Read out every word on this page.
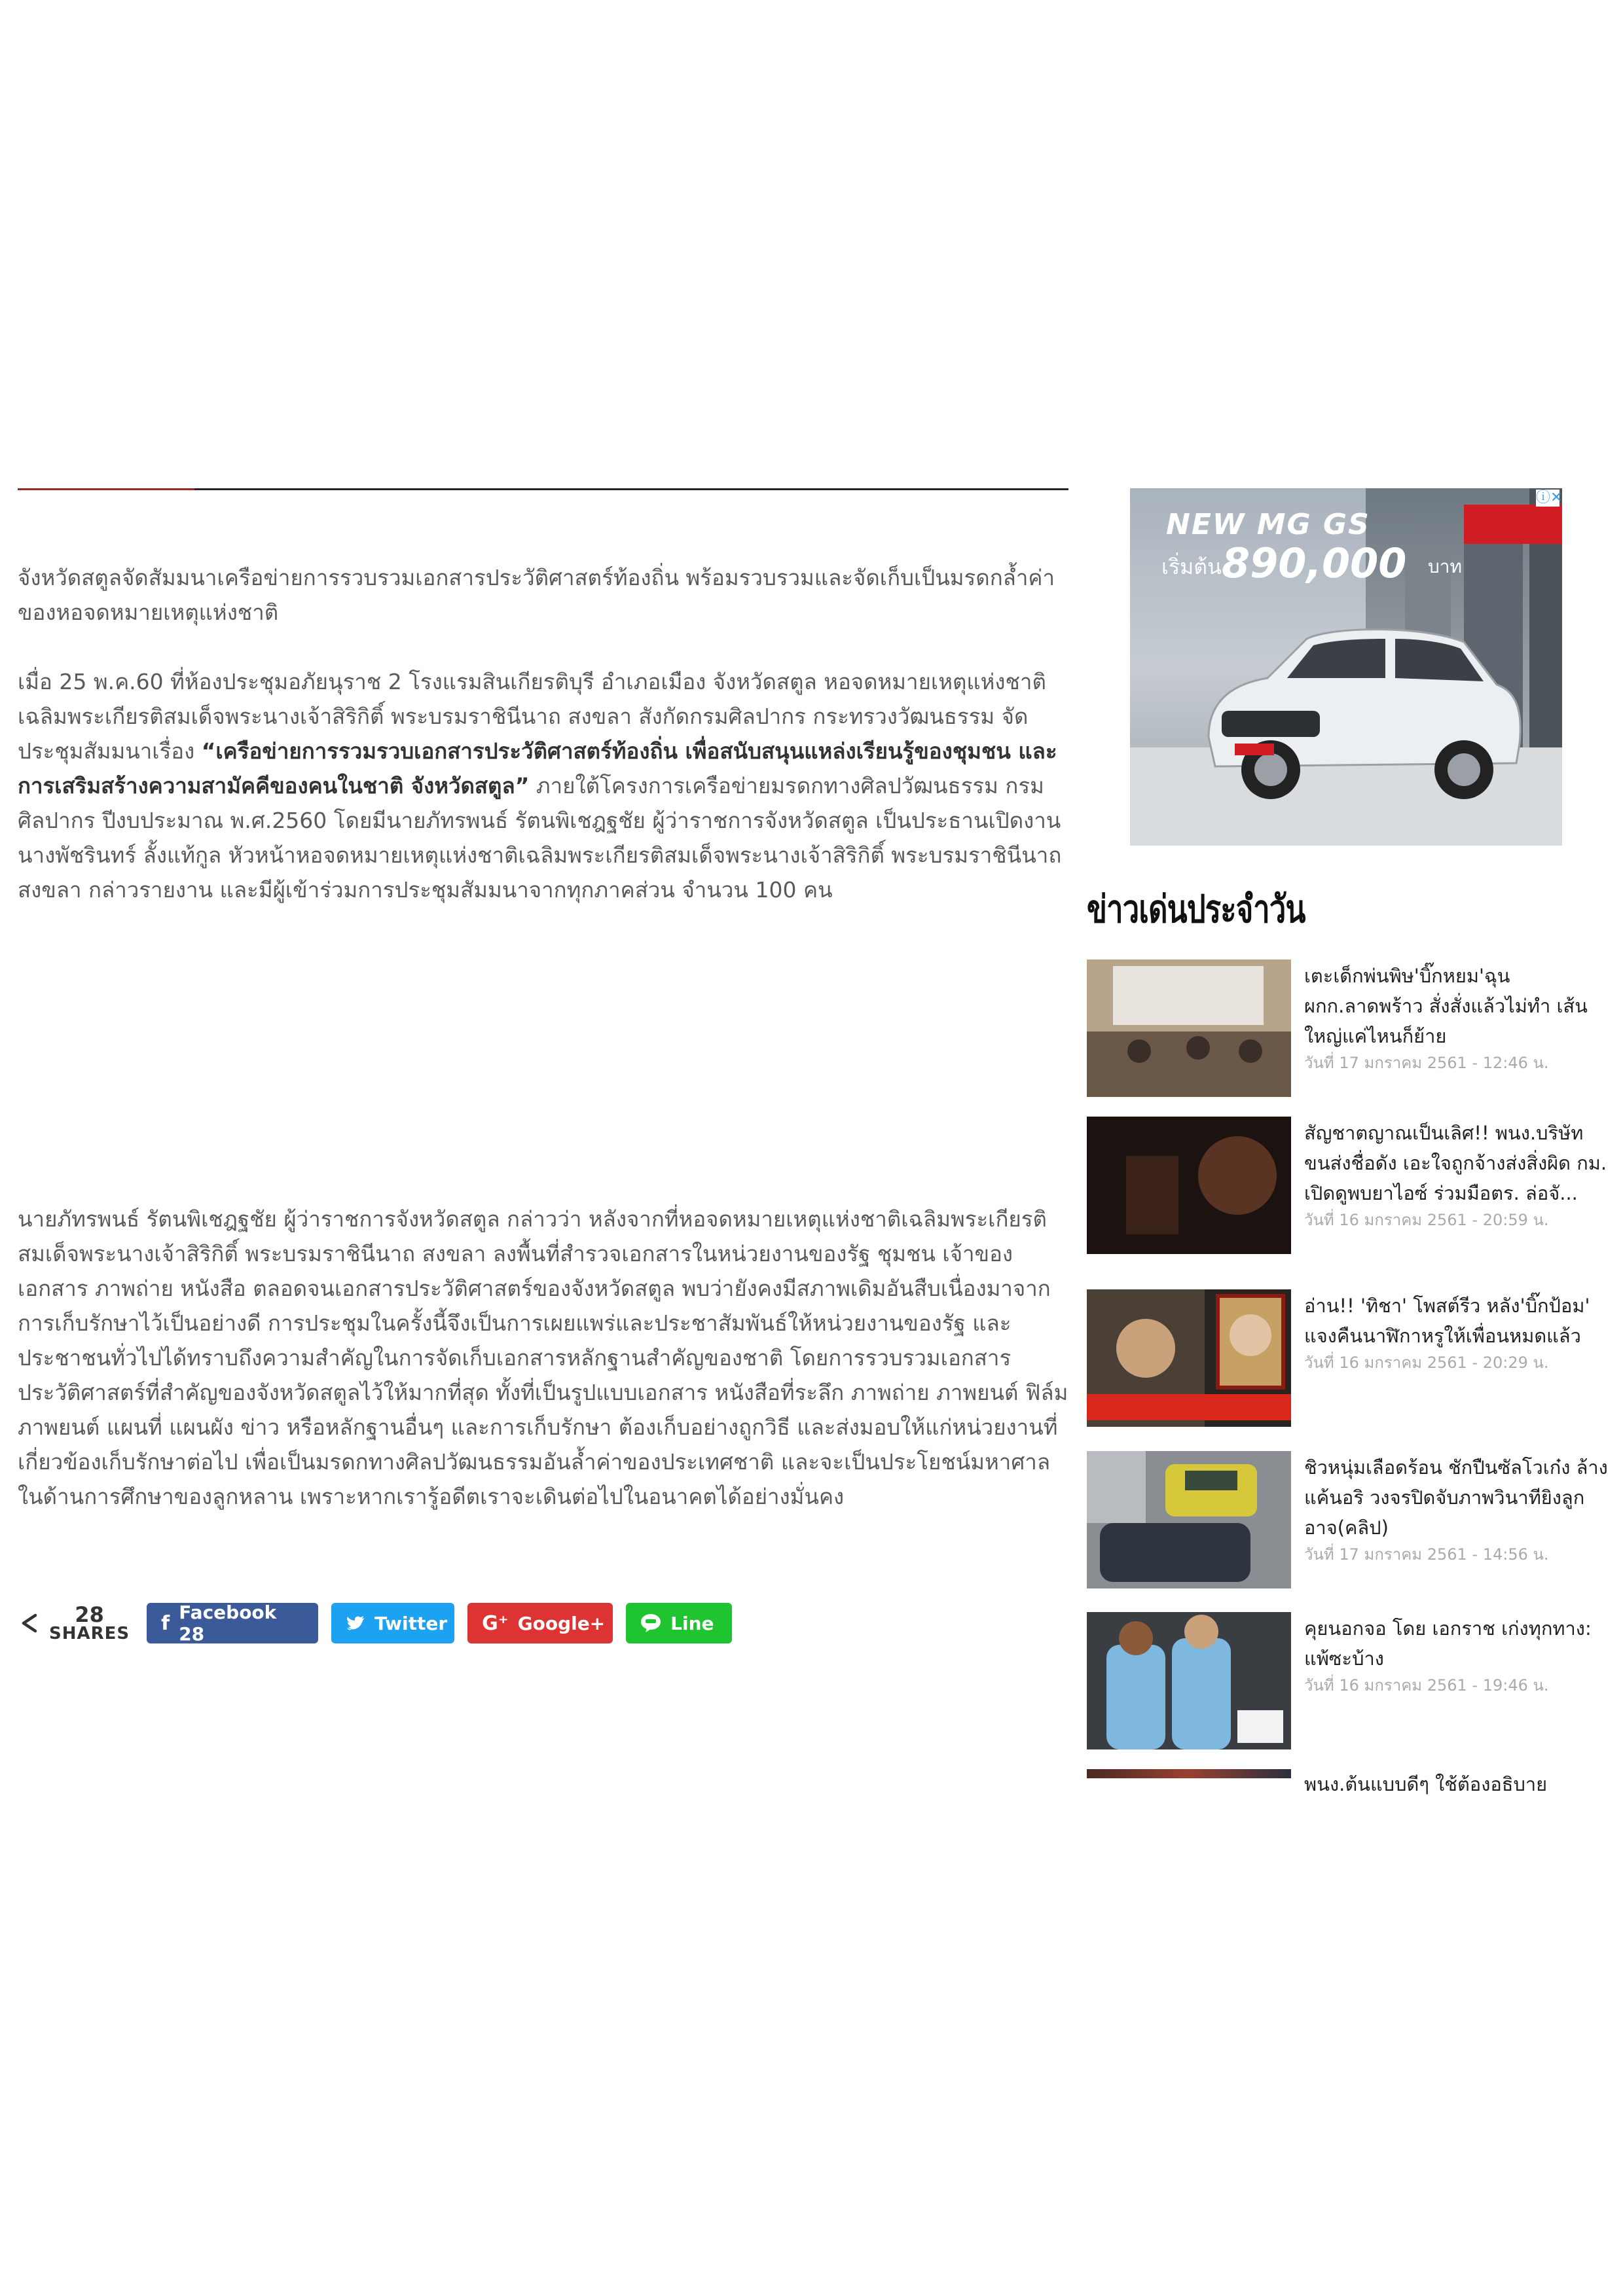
จังหวัดสตูลจัดสัมมนาเครือข่ายการรวบรวมเอกสารประวัติศาสตร์ท้องถิ่น พร้อมรวบรวมและจัดเก็บเป็นมรดกล้ำค่าของหอจดหมายเหตุแห่งชาติ

เมื่อ 25 พ.ค.60 ที่ห้องประชุมอภัยนุราช 2 โรงแรมสินเกียรติบุรี อำเภอเมือง จังหวัดสตูล หอจดหมายเหตุแห่งชาติเฉลิมพระเกียรติสมเด็จพระนางเจ้าสิริกิติ์ พระบรมราชินีนาถ สงขลา สังกัดกรมศิลปากร กระทรวงวัฒนธรรม จัดประชุมสัมมนาเรื่อง “เครือข่ายการรวมรวบเอกสารประวัติศาสตร์ท้องถิ่น เพื่อสนับสนุนแหล่งเรียนรู้ของชุมชน และการเสริมสร้างความสามัคคีของคนในชาติ จังหวัดสตูล” ภายใต้โครงการเครือข่ายมรดกทางศิลปวัฒนธรรม กรมศิลปากร ปีงบประมาณ พ.ศ.2560 โดยมีนายภัทรพนธ์ รัตนพิเชฎฐชัย ผู้ว่าราชการจังหวัดสตูล เป็นประธานเปิดงาน นางพัชรินทร์ ลั้งแท้กูล หัวหน้าหอจดหมายเหตุแห่งชาติเฉลิมพระเกียรติสมเด็จพระนางเจ้าสิริกิติ์ พระบรมราชินีนาถ สงขลา กล่าวรายงาน และมีผู้เข้าร่วมการประชุมสัมมนาจากทุกภาคส่วน จำนวน 100 คน

นายภัทรพนธ์ รัตนพิเชฎฐชัย ผู้ว่าราชการจังหวัดสตูล กล่าวว่า หลังจากที่หอจดหมายเหตุแห่งชาติเฉลิมพระเกียรติสมเด็จพระนางเจ้าสิริกิติ์ พระบรมราชินีนาถ สงขลา ลงพื้นที่สำรวจเอกสารในหน่วยงานของรัฐ ชุมชน เจ้าของเอกสาร ภาพถ่าย หนังสือ ตลอดจนเอกสารประวัติศาสตร์ของจังหวัดสตูล พบว่ายังคงมีสภาพเดิมอันสืบเนื่องมาจากการเก็บรักษาไว้เป็นอย่างดี การประชุมในครั้งนี้จึงเป็นการเผยแพร่และประชาสัมพันธ์ให้หน่วยงานของรัฐ และประชาชนทั่วไปได้ทราบถึงความสำคัญในการจัดเก็บเอกสารหลักฐานสำคัญของชาติ โดยการรวบรวมเอกสารประวัติศาสตร์ที่สำคัญของจังหวัดสตูลไว้ให้มากที่สุด ทั้งที่เป็นรูปแบบเอกสาร หนังสือที่ระลึก ภาพถ่าย ภาพยนต์ ฟิล์มภาพยนต์ แผนที่ แผนผัง ข่าว หรือหลักฐานอื่นๆ และการเก็บรักษา ต้องเก็บอย่างถูกวิธี และส่งมอบให้แก่หน่วยงานที่เกี่ยวข้องเก็บรักษาต่อไป เพื่อเป็นมรดกทางศิลปวัฒนธรรมอันล้ำค่าของประเทศชาติ และจะเป็นประโยชน์มหาศาลในด้านการศึกษาของลูกหลาน เพราะหากเรารู้อดีตเราจะเดินต่อไปในอนาคตได้อย่างมั่นคง

28
SHARES f Facebook 28	Twitter G⁺ Google+	Line
ⓘ✕
NEW MG GS
เริ่มต้น 890,000 บาท
ข่าวเด่นประจำวัน
เตะเด็กพ่นพิษ'บิ๊กหยม'ฉุน ผกก.ลาดพร้าว สั่งสั่งแล้วไม่ทำ เส้นใหญ่แค่ไหนก็ย้าย
วันที่ 17 มกราคม 2561 - 12:46 น.
สัญชาตญาณเป็นเลิศ!! พนง.บริษัทขนส่งชื่อดัง เอะใจถูกจ้างส่งสิ่งผิด กม. เปิดดูพบยาไอซ์ ร่วมมือตร. ล่อจั...
วันที่ 16 มกราคม 2561 - 20:59 น.
อ่าน!! 'ทิชา' โพสต์รีว หลัง'บิ๊กป้อม' แจงคืนนาฬิกาหรูให้เพื่อนหมดแล้ว
วันที่ 16 มกราคม 2561 - 20:29 น.
ชิวหนุ่มเลือดร้อน ชักปืนซัลโวเก๋ง ล้างแค้นอริ วงจรปิดจับภาพวินาทียิงลูกอาจ(คลิป)
วันที่ 17 มกราคม 2561 - 14:56 น.
คุยนอกจอ โดย เอกราช เก่งทุกทาง: แพ้ซะบ้าง
วันที่ 16 มกราคม 2561 - 19:46 น.
พนง.ต้นแบบดีๆ ใช้ต้องอธิบาย
